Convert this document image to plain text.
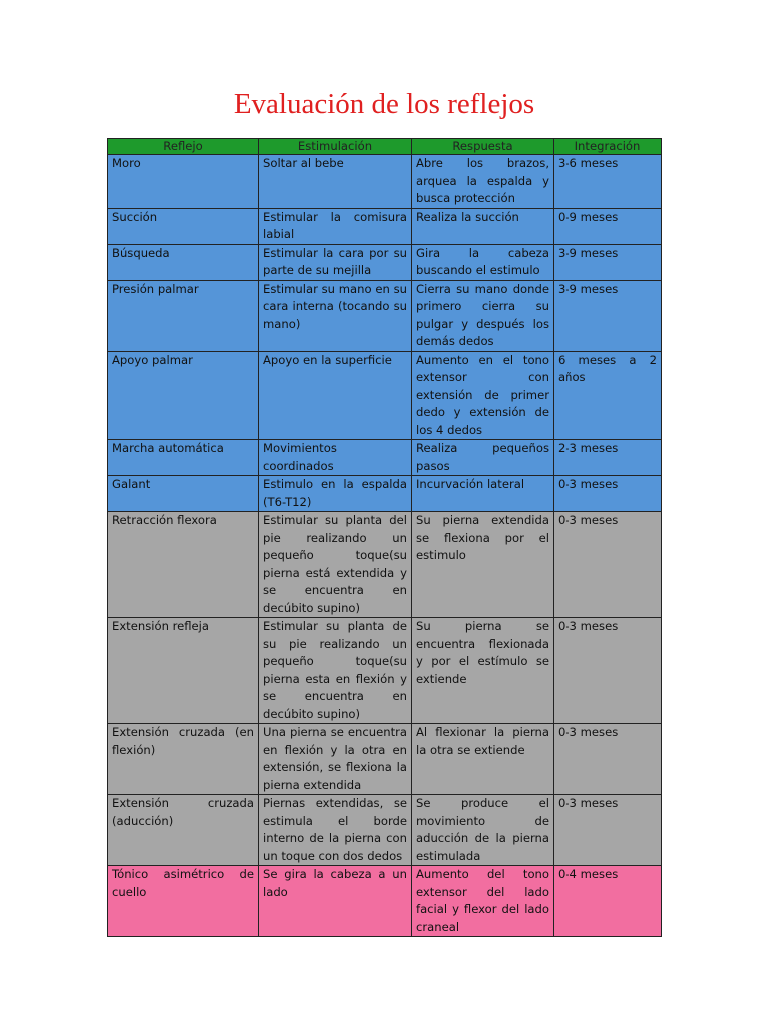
Evaluación de los reflejos
Reflejo	Estimulación	Respuesta	Integración
Moro	Soltar al bebe	Abre los brazos, arquea la espalda y busca protección	3-6 meses
Succión	Estimular la comisura labial	Realiza la succión	0-9 meses
Búsqueda	Estimular la cara por su parte de su mejilla	Gira la cabeza buscando el estimulo	3-9 meses
Presión palmar	Estimular su mano en su cara interna (tocando su mano)	Cierra su mano donde primero cierra su pulgar y después los demás dedos	3-9 meses
Apoyo palmar	Apoyo en la superficie	Aumento en el tono extensor con extensión de primer dedo y extensión de los 4 dedos	6 meses a 2 años
Marcha automática	Movimientos coordinados	Realiza pequeños pasos	2-3 meses
Galant	Estimulo en la espalda (T6-T12)	Incurvación lateral	0-3 meses
Retracción flexora	Estimular su planta del pie realizando un pequeño toque(su pierna está extendida y se encuentra en decúbito supino)	Su pierna extendida se flexiona por el estimulo	0-3 meses
Extensión refleja	Estimular su planta de su pie realizando un pequeño toque(su pierna esta en flexión y se encuentra en decúbito supino)	Su pierna se encuentra flexionada y por el estímulo se extiende	0-3 meses
Extensión cruzada (en flexión)	Una pierna se encuentra en flexión y la otra en extensión, se flexiona la pierna extendida	Al flexionar la pierna la otra se extiende	0-3 meses
Extensión cruzada (aducción)	Piernas extendidas, se estimula el borde interno de la pierna con un toque con dos dedos	Se produce el movimiento de aducción de la pierna estimulada	0-3 meses
Tónico asimétrico de cuello	Se gira la cabeza a un lado	Aumento del tono extensor del lado facial y flexor del lado craneal	0-4 meses
